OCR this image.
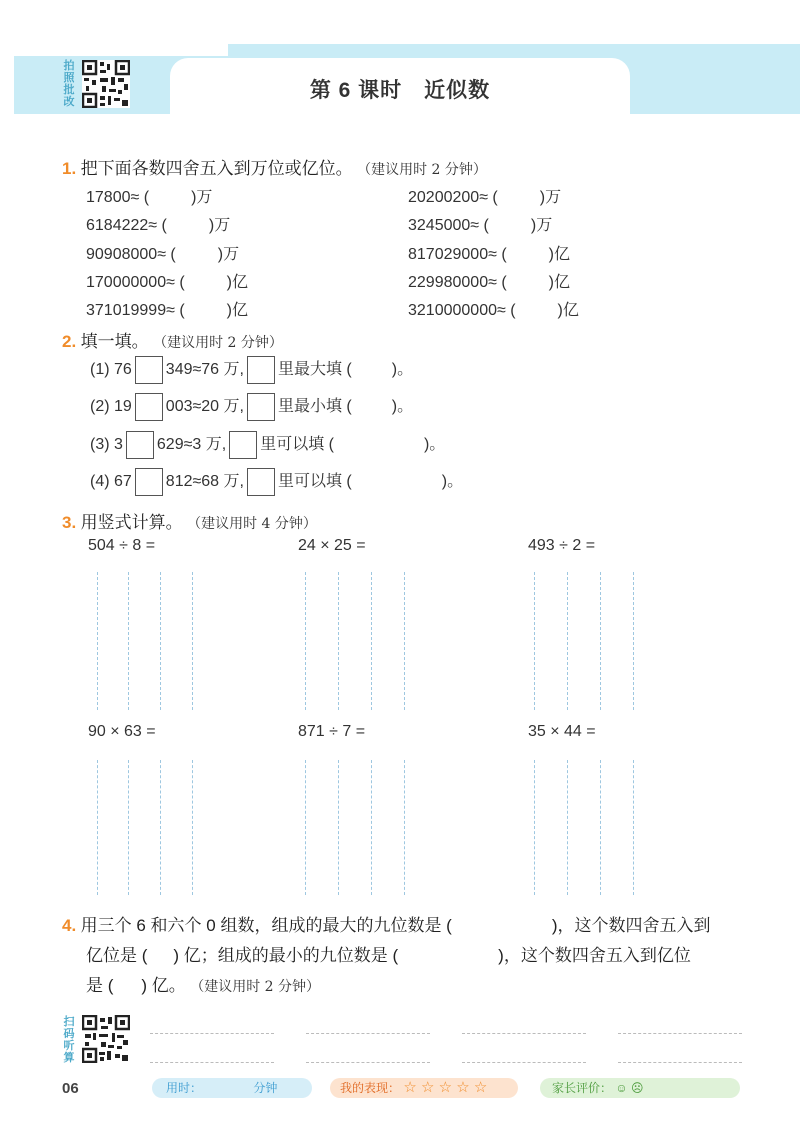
第 6 课时　近似数
拍照批改
1. 把下面各数四舍五入到万位或亿位。 （建议用时 2 分钟）
17800≈ (	)万	20200200≈ (	)万
6184222≈ (	)万	3245000≈ (	)万
90908000≈ (	)万	817029000≈ (	)亿
170000000≈ (	)亿	229980000≈ (	)亿
371019999≈ (	)亿	3210000000≈ (	)亿
2. 填一填。 （建议用时 2 分钟）
(1) 76 349≈76 万, 里最大填 (	)。
(2) 19 003≈20 万, 里最小填 (	)。
(3) 3 629≈3 万, 里可以填 (	)。
(4) 67 812≈68 万, 里可以填 (	)。
3. 用竖式计算。 （建议用时 4 分钟）
504 ÷ 8 =	24 × 25 =	493 ÷ 2 =
90 × 63 =	871 ÷ 7 =	35 × 44 =
4. 用三个 6 和六个 0 组数，组成的最大的九位数是 (	)，这个数四舍五入到
亿位是 ( ) 亿；组成的最小的九位数是 (	)，这个数四舍五入到亿位
是 ( ) 亿。 （建议用时 2 分钟）
扫码听算
06	用时：	分钟	我的表现： ☆ ☆ ☆ ☆ ☆	家长评价： ☺ ☹
